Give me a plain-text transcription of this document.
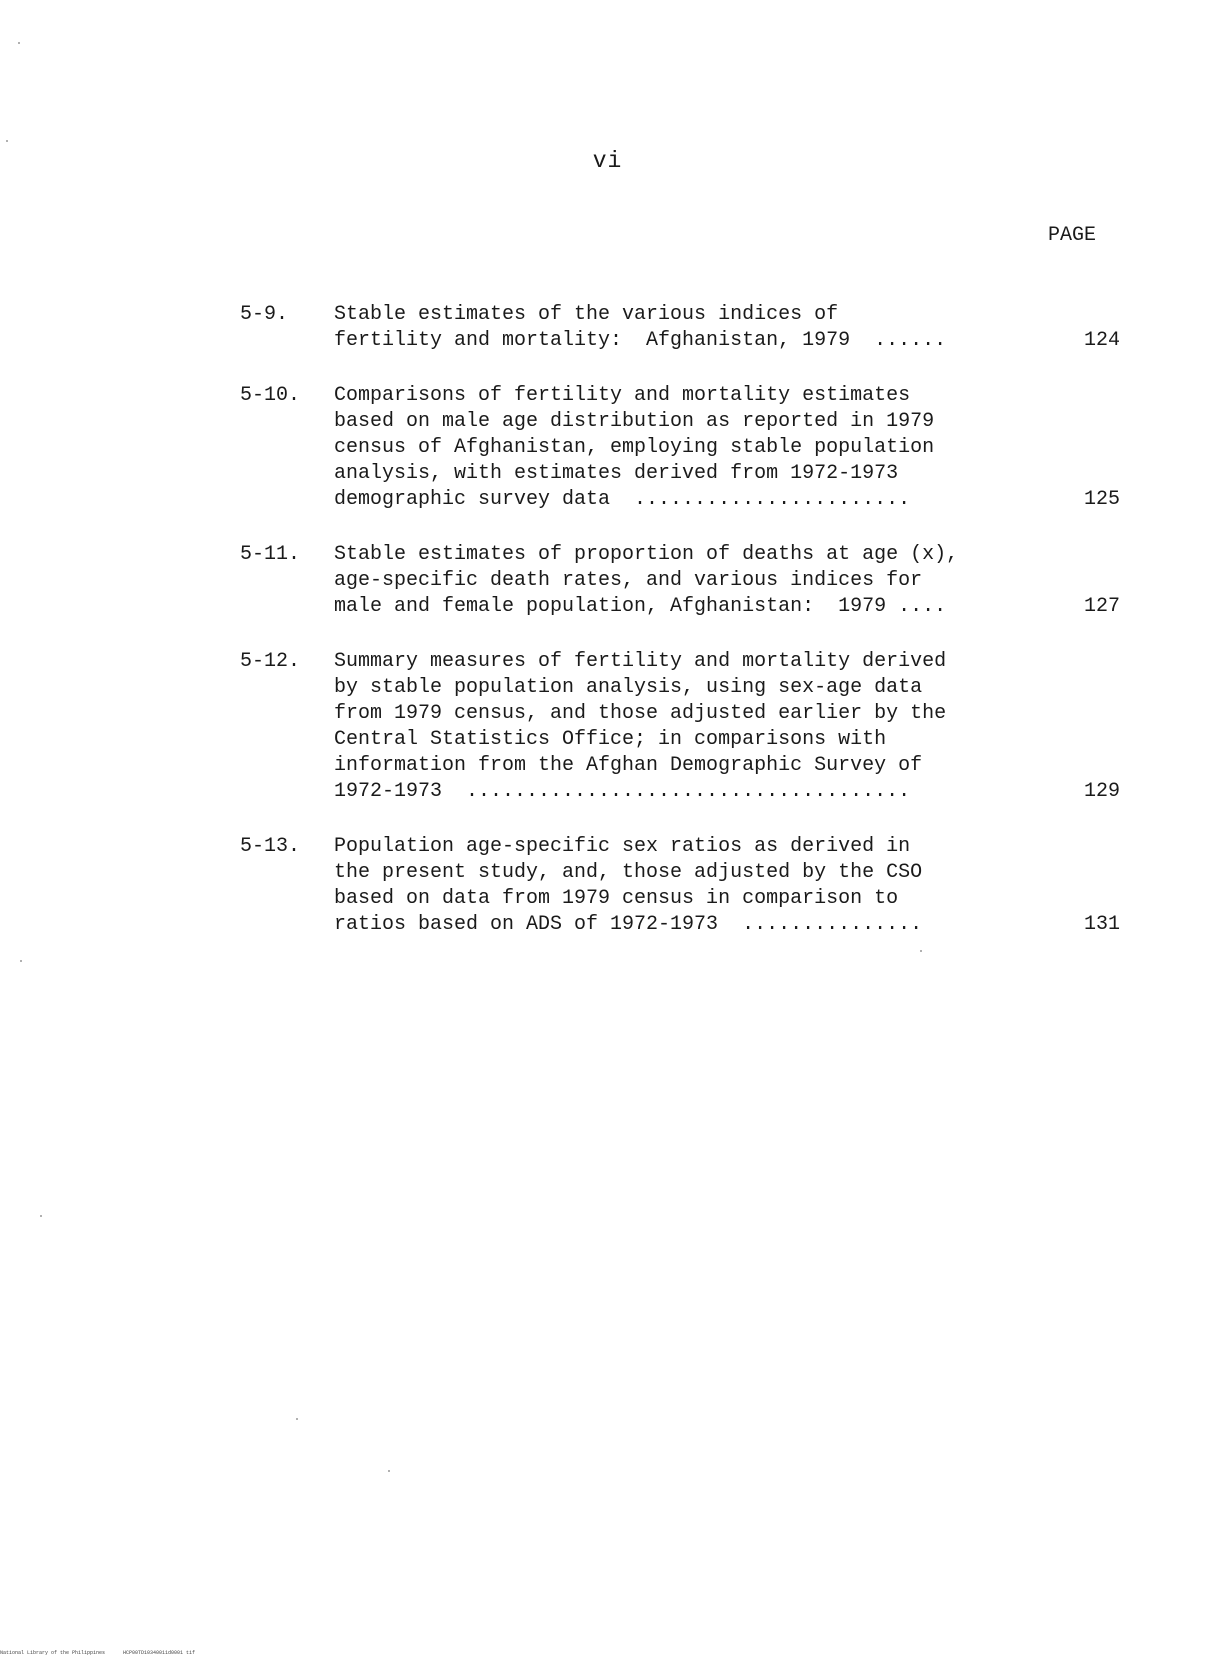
vi
PAGE
5-9. Stable estimates of the various indices of
fertility and mortality:  Afghanistan, 1979  ......	124
5-10. Comparisons of fertility and mortality estimates
based on male age distribution as reported in 1979
census of Afghanistan, employing stable population
analysis, with estimates derived from 1972-1973
demographic survey data  .......................	125
5-11. Stable estimates of proportion of deaths at age (x),
age-specific death rates, and various indices for
male and female population, Afghanistan:  1979 ....	127
5-12. Summary measures of fertility and mortality derived
by stable population analysis, using sex-age data
from 1979 census, and those adjusted earlier by the
Central Statistics Office; in comparisons with
information from the Afghan Demographic Survey of
1972-1973  .....................................	129
5-13. Population age-specific sex ratios as derived in
the present study, and, those adjusted by the CSO
based on data from 1979 census in comparison to
ratios based on ADS of 1972-1973  ...............	131
National Library of the Philippines      HCP00TD10340011d0001 tif
